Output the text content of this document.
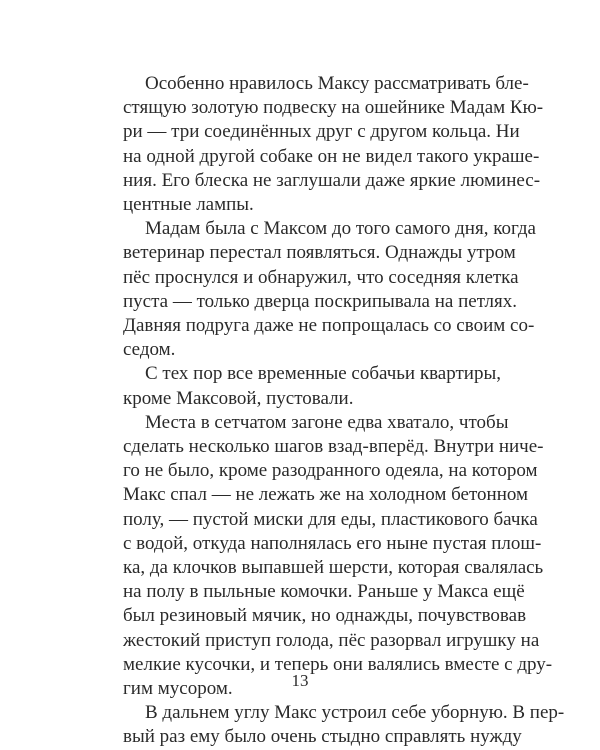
Особенно нравилось Максу рассматривать бле-
стящую золотую подвеску на ошейнике Мадам Кю-
ри — три соединённых друг с другом кольца. Ни
на одной другой собаке он не видел такого украше-
ния. Его блеска не заглушали даже яркие люминес-
центные лампы.

Мадам была с Максом до того самого дня, когда
ветеринар перестал появляться. Однажды утром
пёс проснулся и обнаружил, что соседняя клетка
пуста — только дверца поскрипывала на петлях.
Давняя подруга даже не попрощалась со своим со-
седом.

С тех пор все временные собачьи квартиры,
кроме Максовой, пустовали.

Места в сетчатом загоне едва хватало, чтобы
сделать несколько шагов взад-вперёд. Внутри ниче-
го не было, кроме разодранного одеяла, на котором
Макс спал — не лежать же на холодном бетонном
полу, — пустой миски для еды, пластикового бачка
с водой, откуда наполнялась его ныне пустая плош-
ка, да клочков выпавшей шерсти, которая свалялась
на полу в пыльные комочки. Раньше у Макса ещё
был резиновый мячик, но однажды, почувствовав
жестокий приступ голода, пёс разорвал игрушку на
мелкие кусочки, и теперь они валялись вместе с дру-
гим мусором.

В дальнем углу Макс устроил себе уборную. В пер-
вый раз ему было очень стыдно справлять нужду

13
